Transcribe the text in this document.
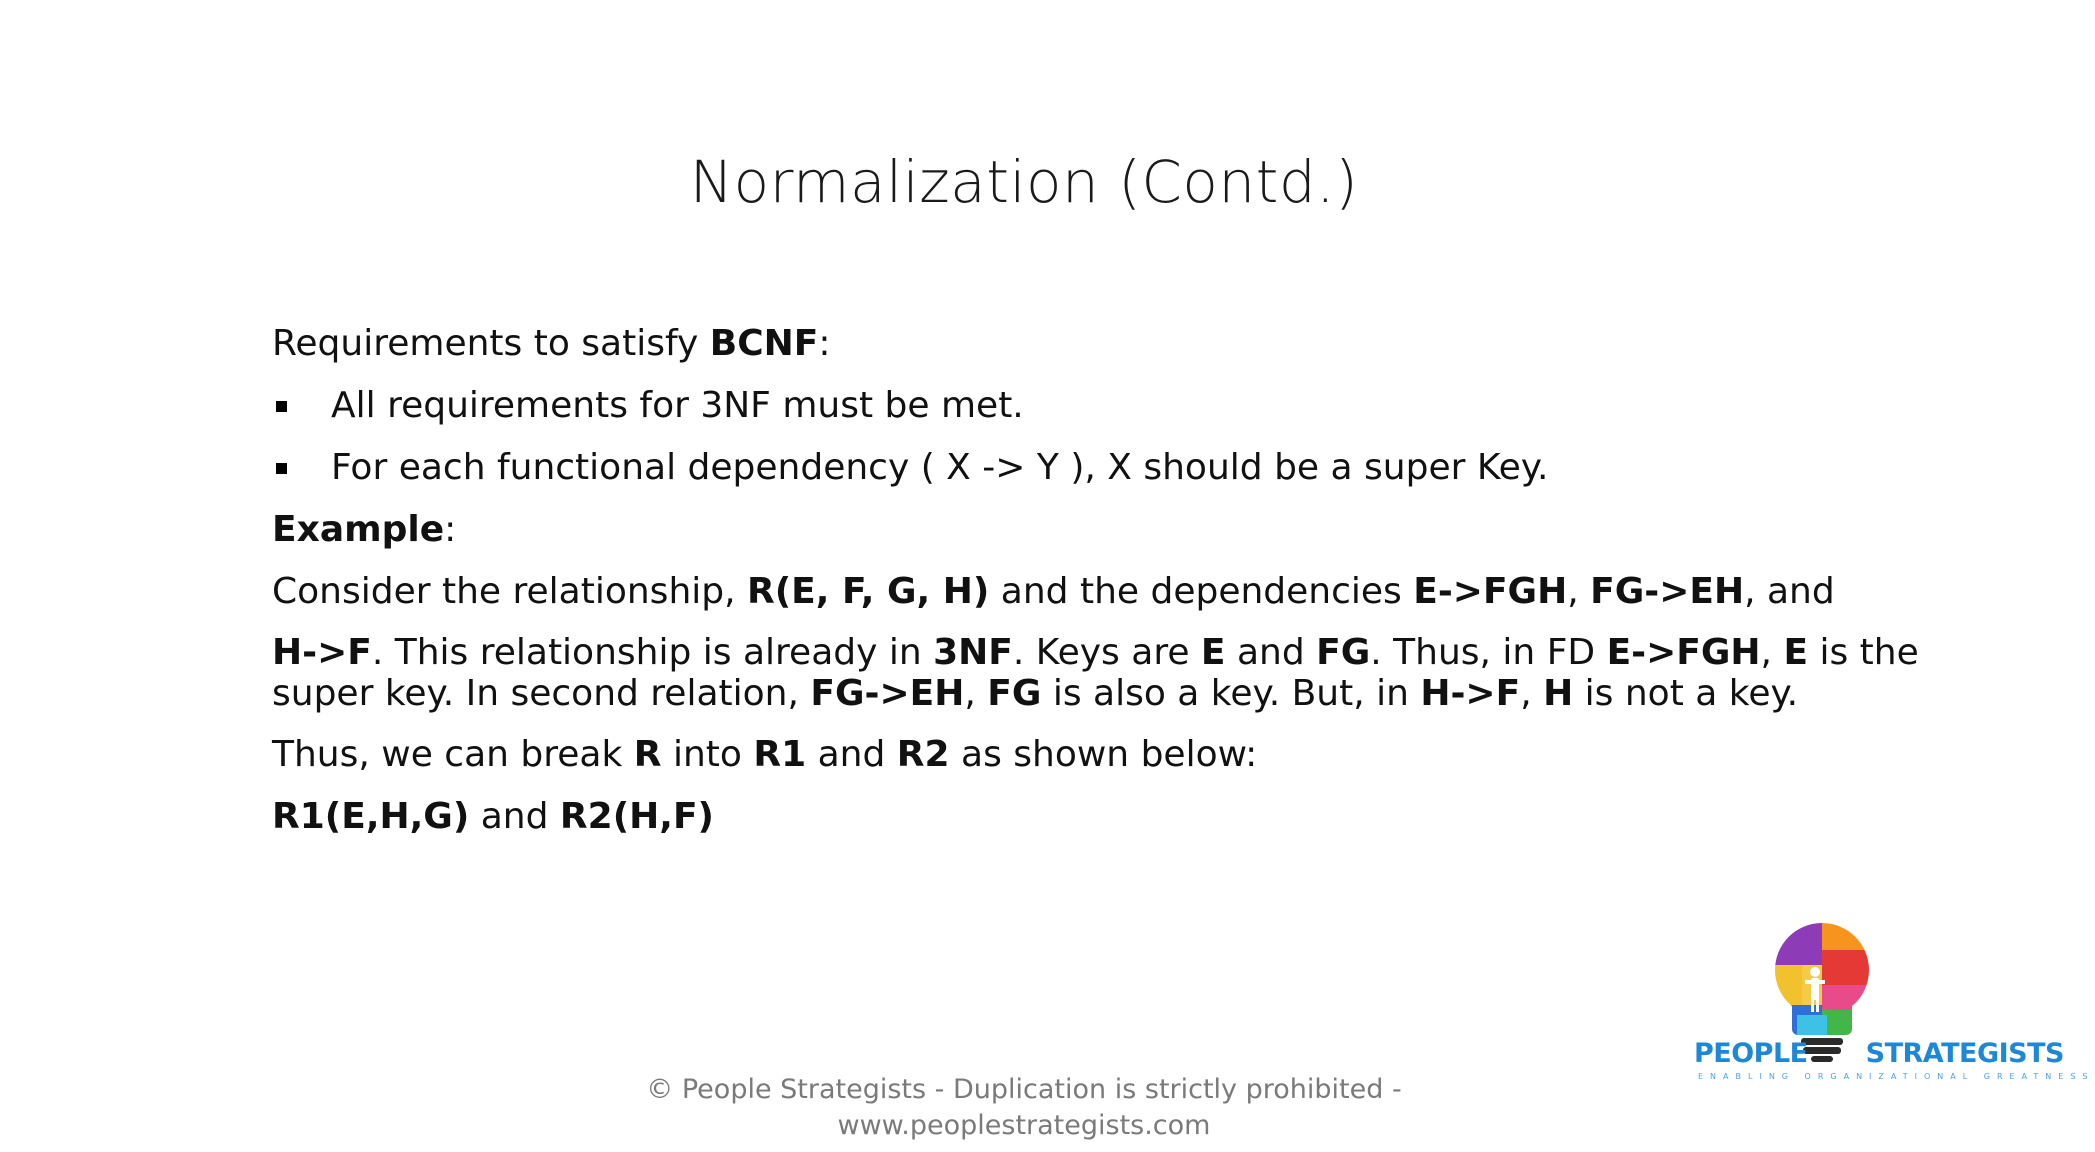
Normalization (Contd.)

Requirements to satisfy BCNF:

All requirements for 3NF must be met.

For each functional dependency ( X -> Y ), X should be a super Key.

Example:

Consider the relationship, R(E, F, G, H) and the dependencies E->FGH, FG->EH, and

H->F. This relationship is already in 3NF. Keys are E and FG. Thus, in FD E->FGH, E is the

super key. In second relation, FG->EH, FG is also a key. But, in H->F, H is not a key.

Thus, we can break R into R1 and R2 as shown below:

R1(E,H,G) and R2(H,F)

© People Strategists - Duplication is strictly prohibited -
www.peoplestrategists.com
PEOPLE STRATEGISTS
ENABLING ORGANIZATIONAL GREATNESS
